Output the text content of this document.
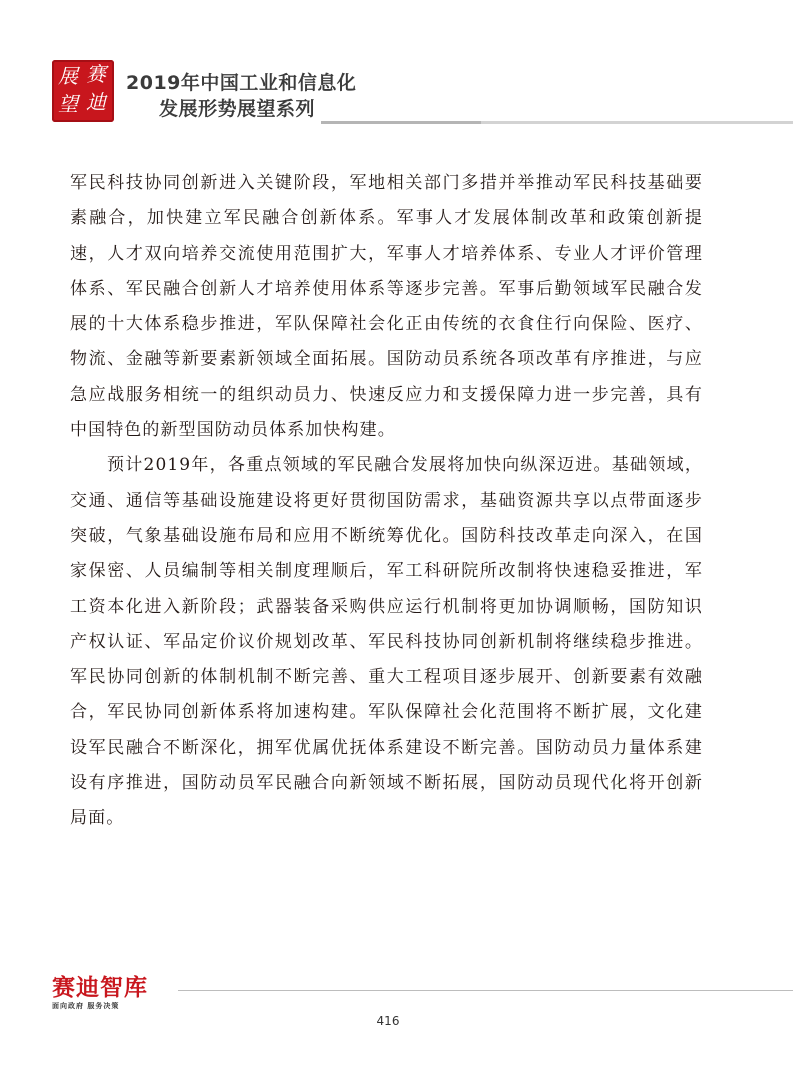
展 赛
望 迪
2019年中国工业和信息化
发展形势展望系列

军民科技协同创新进入关键阶段，军地相关部门多措并举推动军民科技基础要素融合，加快建立军民融合创新体系。军事人才发展体制改革和政策创新提速，人才双向培养交流使用范围扩大，军事人才培养体系、专业人才评价管理体系、军民融合创新人才培养使用体系等逐步完善。军事后勤领域军民融合发展的十大体系稳步推进，军队保障社会化正由传统的衣食住行向保险、医疗、物流、金融等新要素新领域全面拓展。国防动员系统各项改革有序推进，与应急应战服务相统一的组织动员力、快速反应力和支援保障力进一步完善，具有中国特色的新型国防动员体系加快构建。

预计2019年，各重点领域的军民融合发展将加快向纵深迈进。基础领域，交通、通信等基础设施建设将更好贯彻国防需求，基础资源共享以点带面逐步突破，气象基础设施布局和应用不断统筹优化。国防科技改革走向深入，在国家保密、人员编制等相关制度理顺后，军工科研院所改制将快速稳妥推进，军工资本化进入新阶段；武器装备采购供应运行机制将更加协调顺畅，国防知识产权认证、军品定价议价规划改革、军民科技协同创新机制将继续稳步推进。军民协同创新的体制机制不断完善、重大工程项目逐步展开、创新要素有效融合，军民协同创新体系将加速构建。军队保障社会化范围将不断扩展，文化建设军民融合不断深化，拥军优属优抚体系建设不断完善。国防动员力量体系建设有序推进，国防动员军民融合向新领域不断拓展，国防动员现代化将开创新局面。

赛迪智库
面向政府 服务决策
416
